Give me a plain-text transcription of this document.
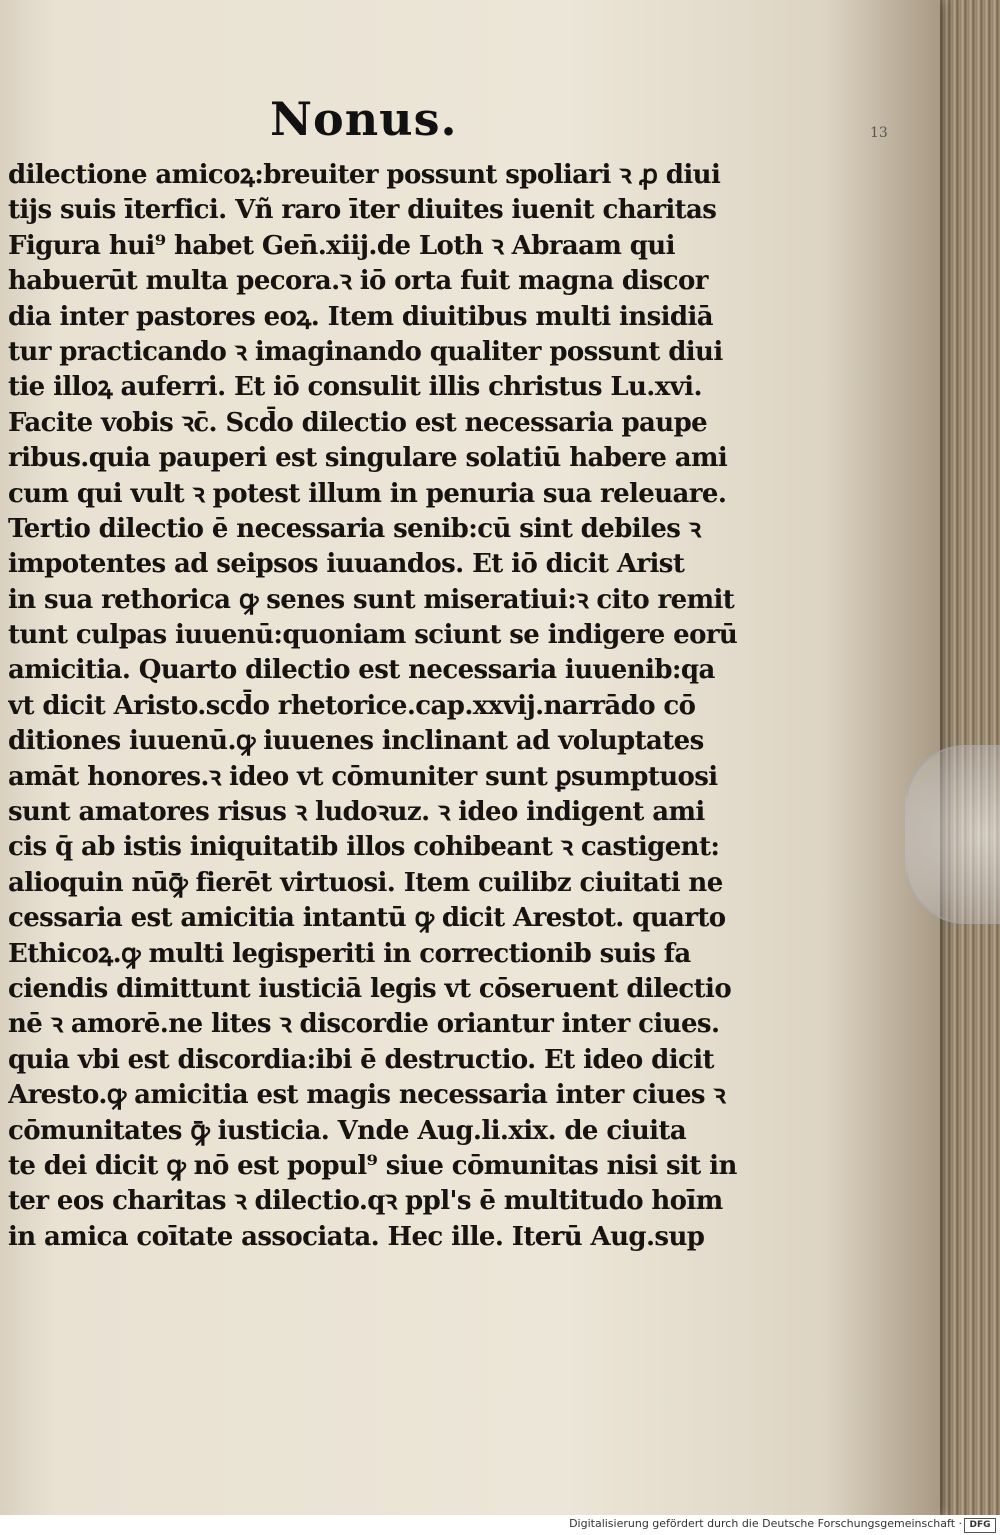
Nonus.	13
dilectione amicoꝝ:breuiter possunt spoliari ꝛ ꝓ diui
tijs suis īterfici. Vñ raro īter diuites iuenit charitas
Figura hui⁹ habet Gen̄.xiij.de Loth ꝛ Abraam qui
habuerūt multa pecora.ꝛ iō orta fuit magna discor
dia inter pastores eoꝝ. Item diuitibus multi insidiā
tur practicando ꝛ imaginando qualiter possunt diui
tie illoꝝ auferri. Et iō consulit illis christus Lu.xvi.
Facite vobis ꝛc̄. Scd̄o dilectio est necessaria paupe
ribus.quia pauperi est singulare solatiū habere ami
cum qui vult ꝛ potest illum in penuria sua releuare.
Tertio dilectio ē necessaria senib:cū sint debiles ꝛ
impotentes ad seipsos iuuandos. Et iō dicit Arist
in sua rethorica ꝙ senes sunt miseratiui:ꝛ cito remit
tunt culpas iuuenū:quoniam sciunt se indigere eorū
amicitia. Quarto dilectio est necessaria iuuenib:qa
vt dicit Aristo.scd̄o rhetorice.cap.xxvij.narrādo cō
ditiones iuuenū.ꝙ iuuenes inclinant ad voluptates
amāt honores.ꝛ ideo vt cōmuniter sunt ꝑsumptuosi
sunt amatores risus ꝛ ludoꝛuz. ꝛ ideo indigent ami
cis q̄ ab istis iniquitatib illos cohibeant ꝛ castigent:
alioquin nūꝙ̄ fierēt virtuosi. Item cuilibz ciuitati ne
cessaria est amicitia intantū ꝙ dicit Arestot. quarto
Ethicoꝝ.ꝙ multi legisperiti in correctionib suis fa
ciendis dimittunt iusticiā legis vt cōseruent dilectio
nē ꝛ amorē.ne lites ꝛ discordie oriantur inter ciues.
quia vbi est discordia:ibi ē destructio. Et ideo dicit
Aresto.ꝙ amicitia est magis necessaria inter ciues ꝛ
cōmunitates ꝙ̄ iusticia. Vnde Aug.li.xix. de ciuita
te dei dicit ꝙ nō est popul⁹ siue cōmunitas nisi sit in
ter eos charitas ꝛ dilectio.qꝛ ppl's ē multitudo hoīm
in amica coītate associata. Hec ille. Iterū Aug.sup
Digitalisierung gefördert durch die Deutsche Forschungsgemeinschaft · DFG
